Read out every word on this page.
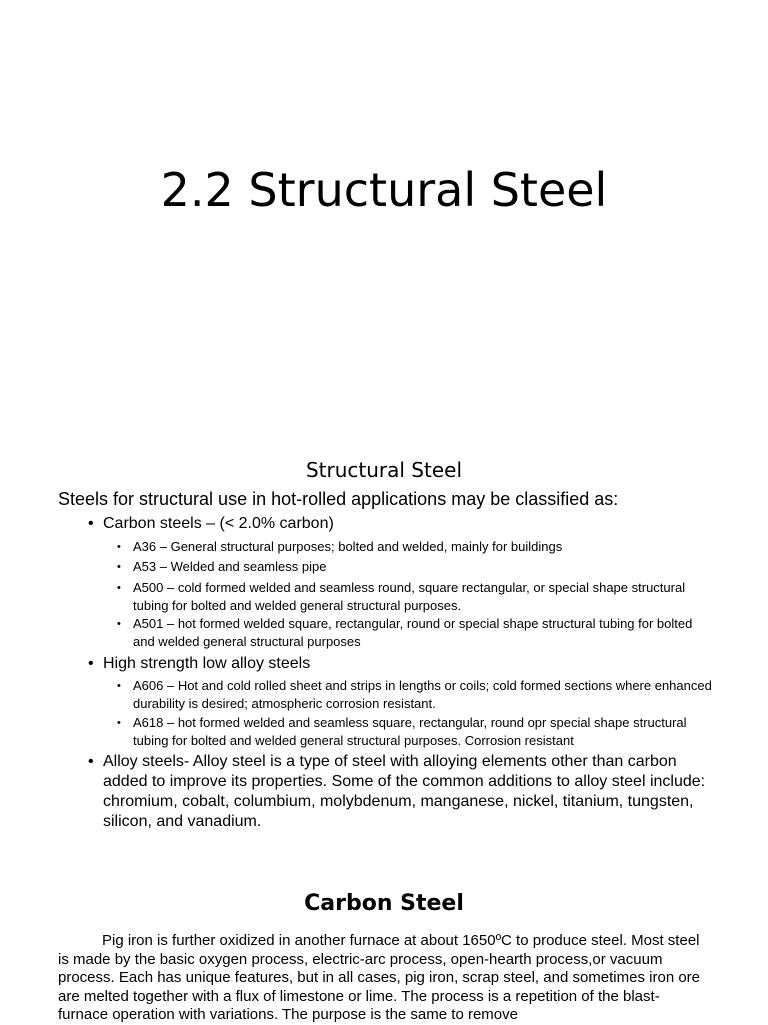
2.2 Structural Steel
Structural Steel
Steels for structural use in hot-rolled applications may be classified as:
• Carbon steels – (< 2.0% carbon)
• A36 – General structural purposes; bolted and welded, mainly for buildings
• A53 – Welded and seamless pipe
• A500 – cold formed welded and seamless round, square rectangular, or special shape structural tubing for bolted and welded general structural purposes.
• A501 – hot formed welded square, rectangular, round or special shape structural tubing for bolted and welded general structural purposes
• High strength low alloy steels
• A606 – Hot and cold rolled sheet and strips in lengths or coils; cold formed sections where enhanced durability is desired; atmospheric corrosion resistant.
• A618 – hot formed welded and seamless square, rectangular, round opr special shape structural tubing for bolted and welded general structural purposes. Corrosion resistant
• Alloy steels- Alloy steel is a type of steel with alloying elements other than carbon added to improve its properties. Some of the common additions to alloy steel include: chromium, cobalt, columbium, molybdenum, manganese, nickel, titanium, tungsten, silicon, and vanadium.
Carbon Steel
Pig iron is further oxidized in another furnace at about 1650ºC to produce steel. Most steel is made by the basic oxygen process, electric-arc process, open-hearth process,or vacuum process. Each has unique features, but in all cases, pig iron, scrap steel, and sometimes iron ore are melted together with a flux of limestone or lime. The process is a repetition of the blast-furnace operation with variations. The purpose is the same to remove
